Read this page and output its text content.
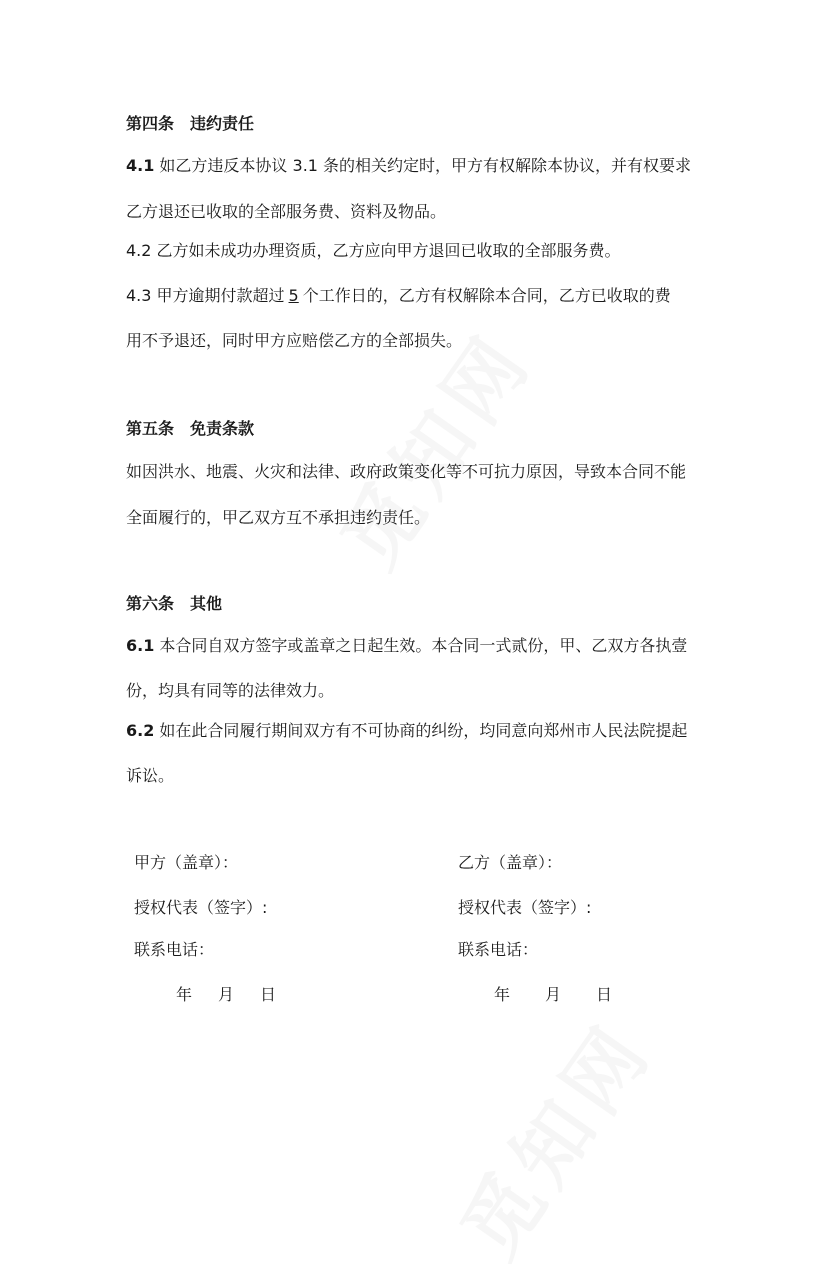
第四条　违约责任
4.1 如乙方违反本协议 3.1 条的相关约定时，甲方有权解除本协议，并有权要求
乙方退还已收取的全部服务费、资料及物品。
4.2 乙方如未成功办理资质，乙方应向甲方退回已收取的全部服务费。
4.3 甲方逾期付款超过 5 个工作日的，乙方有权解除本合同，乙方已收取的费
用不予退还，同时甲方应赔偿乙方的全部损失。
第五条　免责条款
如因洪水、地震、火灾和法律、政府政策变化等不可抗力原因，导致本合同不能
全面履行的，甲乙双方互不承担违约责任。
第六条　其他
6.1 本合同自双方签字或盖章之日起生效。本合同一式贰份，甲、乙双方各执壹
份，均具有同等的法律效力。
6.2 如在此合同履行期间双方有不可协商的纠纷，均同意向郑州市人民法院提起
诉讼。
甲方（盖章）：
授权代表（签字）:
联系电话：
年 月 日
乙方（盖章）：
授权代表（签字）:
联系电话：
年 月 日
